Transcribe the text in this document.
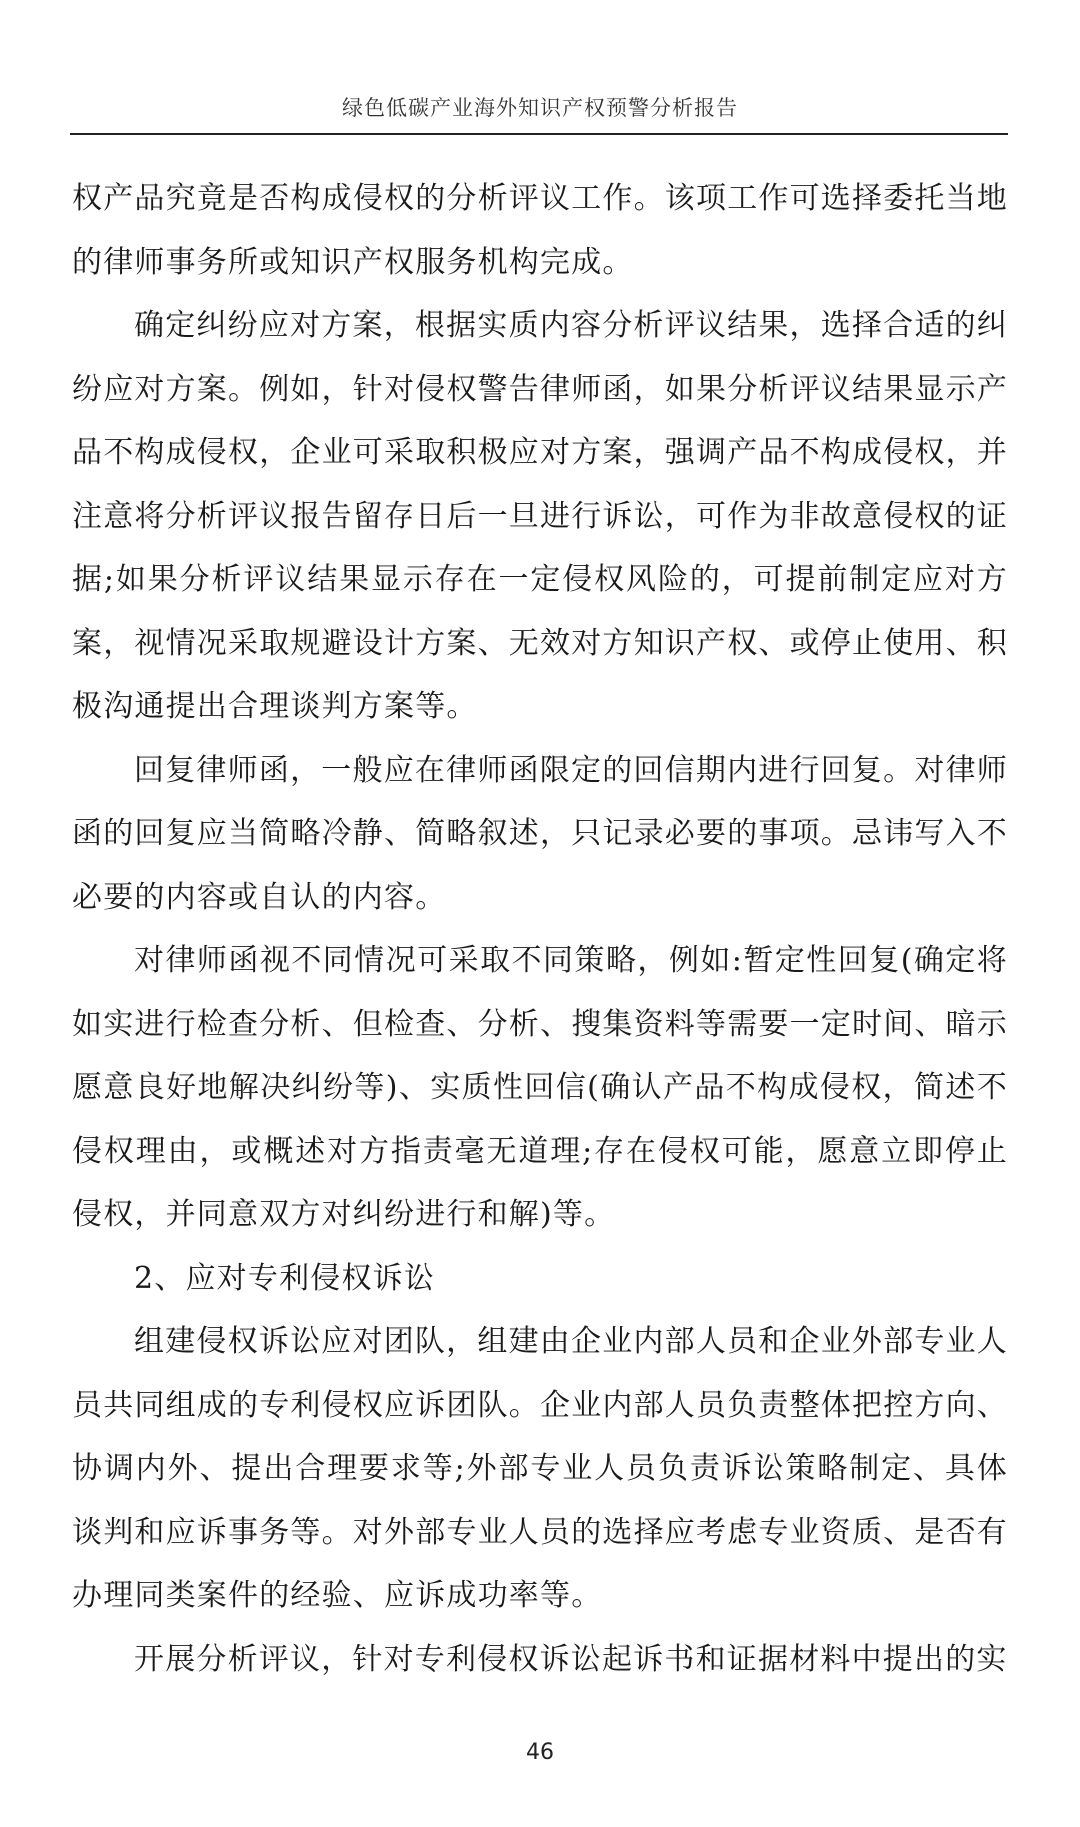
绿色低碳产业海外知识产权预警分析报告

权产品究竟是否构成侵权的分析评议工作。该项工作可选择委托当地的律师事务所或知识产权服务机构完成。

确定纠纷应对方案，根据实质内容分析评议结果，选择合适的纠纷应对方案。例如，针对侵权警告律师函，如果分析评议结果显示产品不构成侵权，企业可采取积极应对方案，强调产品不构成侵权，并注意将分析评议报告留存日后一旦进行诉讼，可作为非故意侵权的证据;如果分析评议结果显示存在一定侵权风险的，可提前制定应对方案，视情况采取规避设计方案、无效对方知识产权、或停止使用、积极沟通提出合理谈判方案等。

回复律师函，一般应在律师函限定的回信期内进行回复。对律师函的回复应当简略冷静、简略叙述，只记录必要的事项。忌讳写入不必要的内容或自认的内容。

对律师函视不同情况可采取不同策略，例如:暂定性回复(确定将如实进行检查分析、但检查、分析、搜集资料等需要一定时间、暗示愿意良好地解决纠纷等)、实质性回信(确认产品不构成侵权，简述不侵权理由，或概述对方指责毫无道理;存在侵权可能，愿意立即停止侵权，并同意双方对纠纷进行和解)等。

2、应对专利侵权诉讼

组建侵权诉讼应对团队，组建由企业内部人员和企业外部专业人员共同组成的专利侵权应诉团队。企业内部人员负责整体把控方向、协调内外、提出合理要求等;外部专业人员负责诉讼策略制定、具体谈判和应诉事务等。对外部专业人员的选择应考虑专业资质、是否有办理同类案件的经验、应诉成功率等。

开展分析评议，针对专利侵权诉讼起诉书和证据材料中提出的实

46
